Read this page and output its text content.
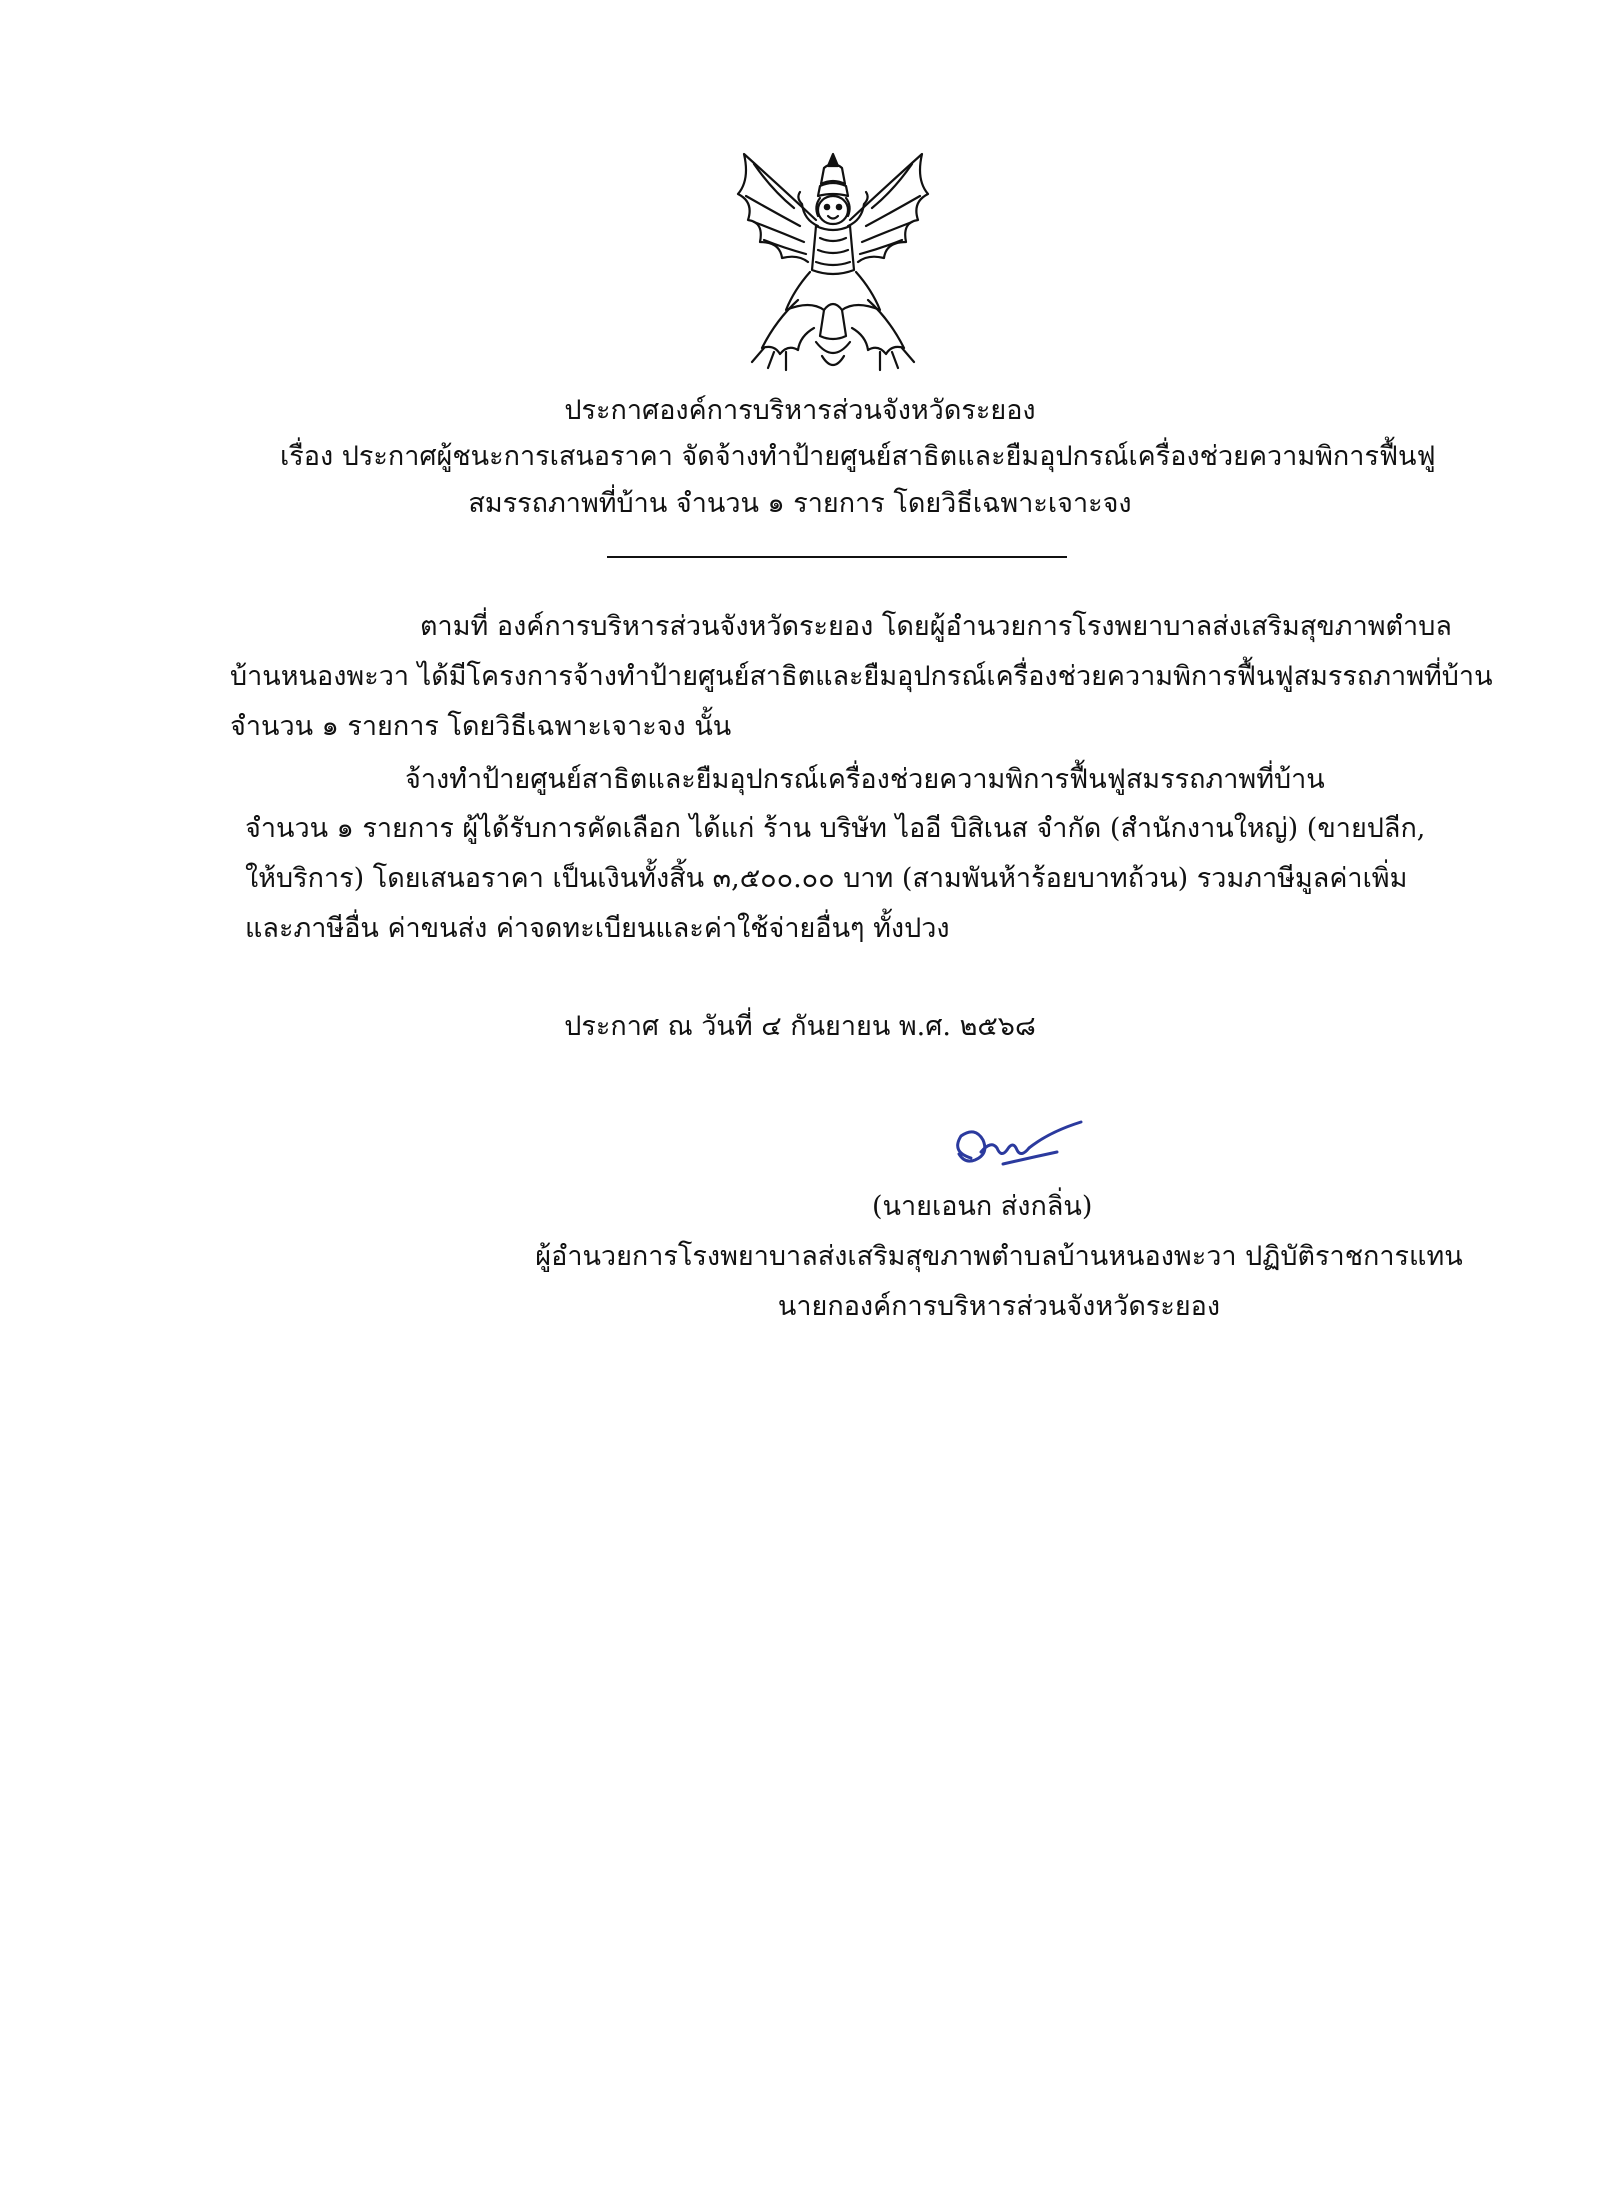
ประกาศองค์การบริหารส่วนจังหวัดระยอง
เรื่อง ประกาศผู้ชนะการเสนอราคา จัดจ้างทำป้ายศูนย์สาธิตและยืมอุปกรณ์เครื่องช่วยความพิการฟื้นฟู
สมรรถภาพที่บ้าน จำนวน ๑ รายการ โดยวิธีเฉพาะเจาะจง
ตามที่ องค์การบริหารส่วนจังหวัดระยอง โดยผู้อำนวยการโรงพยาบาลส่งเสริมสุขภาพตำบล
บ้านหนองพะวา ได้มีโครงการจ้างทำป้ายศูนย์สาธิตและยืมอุปกรณ์เครื่องช่วยความพิการฟื้นฟูสมรรถภาพที่บ้าน
จำนวน ๑ รายการ โดยวิธีเฉพาะเจาะจง นั้น
จ้างทำป้ายศูนย์สาธิตและยืมอุปกรณ์เครื่องช่วยความพิการฟื้นฟูสมรรถภาพที่บ้าน
จำนวน ๑ รายการ ผู้ได้รับการคัดเลือก ได้แก่ ร้าน บริษัท ไออี บิสิเนส จำกัด (สำนักงานใหญ่) (ขายปลีก,
ให้บริการ) โดยเสนอราคา เป็นเงินทั้งสิ้น ๓,๕๐๐.๐๐ บาท (สามพันห้าร้อยบาทถ้วน) รวมภาษีมูลค่าเพิ่ม
และภาษีอื่น ค่าขนส่ง ค่าจดทะเบียนและค่าใช้จ่ายอื่นๆ ทั้งปวง
ประกาศ ณ วันที่ ๔ กันยายน พ.ศ. ๒๕๖๘
(นายเอนก ส่งกลิ่น)
ผู้อำนวยการโรงพยาบาลส่งเสริมสุขภาพตำบลบ้านหนองพะวา ปฏิบัติราชการแทน
นายกองค์การบริหารส่วนจังหวัดระยอง
